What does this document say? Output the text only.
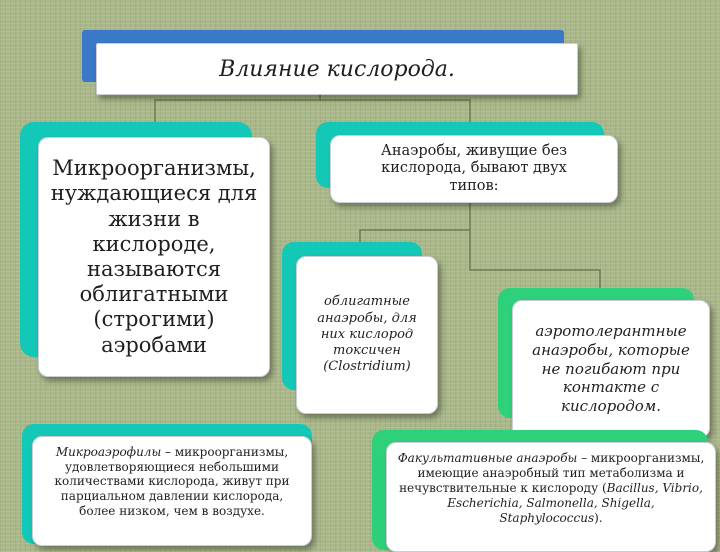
Влияние кислорода.
Микроорганизмы, нуждающиеся для жизни в кислороде, называются облигатными (строгими) аэробами
Анаэробы, живущие без кислорода, бывают двух типов:
облигатные анаэробы, для них кислород токсичен (Clostridium)
аэротолерантные анаэробы, которые не погибают при контакте с кислородом.
Микроаэрофилы – микроорганизмы, удовлетворяющиеся небольшими количествами кислорода, живут при парциальном давлении кислорода, более низком, чем в воздухе.
Факультативные анаэробы – микроорганизмы, имеющие анаэробный тип метаболизма и нечувствительные к кислороду (Bacillus, Vibrio, Escherichia, Salmonella, Shigella, Staphylococcus).
